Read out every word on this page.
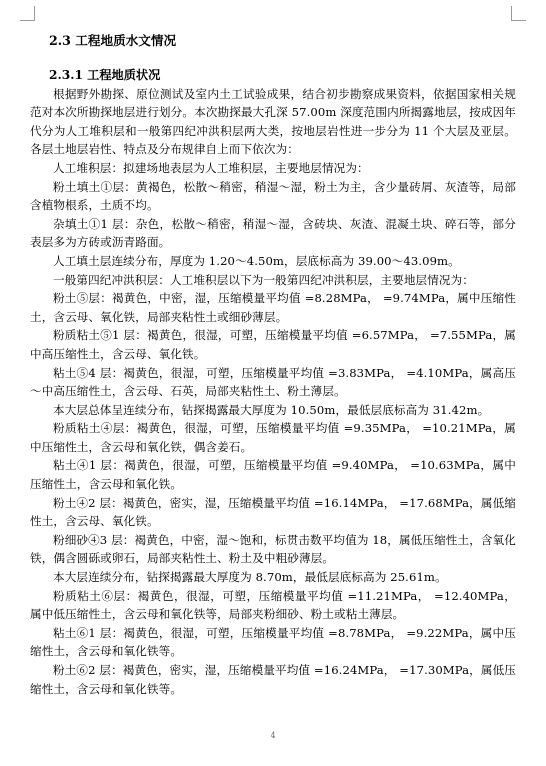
2.3 工程地质水文情况
2.3.1 工程地质状况

根据野外勘探、原位测试及室内土工试验成果，结合初步勘察成果资料，依据国家相关规范对本次所勘探地层进行划分。本次勘探最大孔深 57.00m 深度范围内所揭露地层，按成因年代分为人工堆积层和一般第四纪冲洪积层两大类，按地层岩性进一步分为 11 个大层及亚层。各层土地层岩性、特点及分布规律自上而下依次为：

人工堆积层：拟建场地表层为人工堆积层，主要地层情况为：

粉土填土①层：黄褐色，松散～稍密，稍湿～湿，粉土为主，含少量砖屑、灰渣等，局部含植物根系，土质不均。

杂填土①1 层：杂色，松散～稍密，稍湿～湿，含砖块、灰渣、混凝土块、碎石等，部分表层多为方砖或沥青路面。

人工填土层连续分布，厚度为 1.20～4.50m，层底标高为 39.00～43.09m。

一般第四纪冲洪积层：人工堆积层以下为一般第四纪冲洪积层，主要地层情况为：

粉土⑤层：褐黄色，中密，湿，压缩模量平均值 =8.28MPa， =9.74MPa，属中压缩性土，含云母、氧化铁，局部夹粘性土或细砂薄层。

粉质粘土⑤1 层：褐黄色，很湿，可塑，压缩模量平均值 =6.57MPa， =7.55MPa，属中高压缩性土，含云母、氧化铁。

粘土⑤4 层：褐黄色，很湿，可塑，压缩模量平均值 =3.83MPa， =4.10MPa，属高压～中高压缩性土，含云母、石英，局部夹粘性土、粉土薄层。

本大层总体呈连续分布，钻探揭露最大厚度为 10.50m，最低层底标高为 31.42m。

粉质粘土④层：褐黄色，很湿，可塑，压缩模量平均值 =9.35MPa， =10.21MPa，属中压缩性土，含云母和氧化铁，偶含姜石。

粘土④1 层：褐黄色，很湿，可塑，压缩模量平均值 =9.40MPa， =10.63MPa，属中压缩性土，含云母和氧化铁。

粉土④2 层：褐黄色，密实，湿，压缩模量平均值 =16.14MPa， =17.68MPa，属低缩性土，含云母、氧化铁。

粉细砂④3 层：褐黄色，中密，湿～饱和，标贯击数平均值为 18，属低压缩性土，含氧化铁，偶含圆砾或卵石，局部夹粘性土、粉土及中粗砂薄层。

本大层连续分布，钻探揭露最大厚度为 8.70m，最低层底标高为 25.61m。

粉质粘土⑥层：褐黄色，很湿，可塑，压缩模量平均值 =11.21MPa， =12.40MPa，属中低压缩性土，含云母和氧化铁等，局部夹粉细砂、粉土或粘土薄层。

粘土⑥1 层：褐黄色，很湿，可塑，压缩模量平均值 =8.78MPa， =9.22MPa，属中压缩性土，含云母和氧化铁等。

粉土⑥2 层：褐黄色，密实，湿，压缩模量平均值 =16.24MPa， =17.30MPa，属低压缩性土，含云母和氧化铁等。

4
